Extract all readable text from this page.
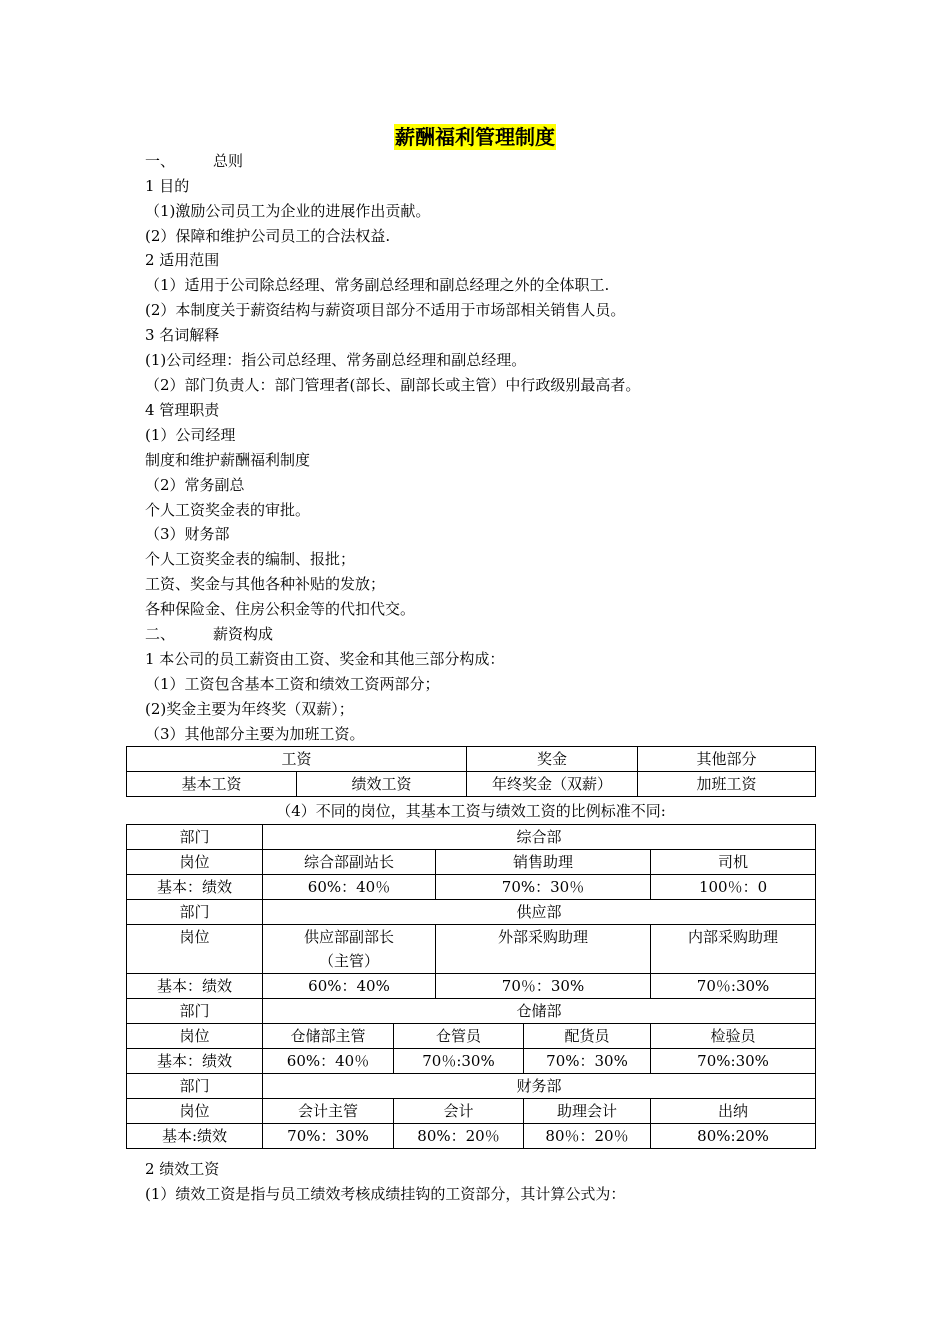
薪酬福利管理制度
一、	总则
1 目的
（1)激励公司员工为企业的进展作出贡献。
(2）保障和维护公司员工的合法权益.
2 适用范围
（1）适用于公司除总经理、常务副总经理和副总经理之外的全体职工.
(2）本制度关于薪资结构与薪资项目部分不适用于市场部相关销售人员。
3 名词解释
(1)公司经理：指公司总经理、常务副总经理和副总经理。
（2）部门负责人：部门管理者(部长、副部长或主管）中行政级别最高者。
4 管理职责
(1）公司经理
制度和维护薪酬福利制度
（2）常务副总
个人工资奖金表的审批。
（3）财务部
个人工资奖金表的编制、报批；
工资、奖金与其他各种补贴的发放；
各种保险金、住房公积金等的代扣代交。
二、	薪资构成
1 本公司的员工薪资由工资、奖金和其他三部分构成：
（1）工资包含基本工资和绩效工资两部分；
(2)奖金主要为年终奖（双薪）；
（3）其他部分主要为加班工资。
工资		奖金	其他部分
基本工资	绩效工资	年终奖金（双薪）	加班工资
（4）不同的岗位，其基本工资与绩效工资的比例标准不同:
部门	综合部				
岗位	综合部副站长		销售助理		司机
基本：绩效	60%：40％		70%：30％		100％：0
部门	供应部				
岗位	供应部副部长
（主管）		外部采购助理		内部采购助理
基本：绩效	60%：40%		70％：30%		70％:30%
部门	仓储部				
岗位	仓储部主管	仓管员		配货员	检验员
基本：绩效	60%：40％	70％:30%		70%：30%	70%:30%
部门	财务部				
岗位	会计主管	会计		助理会计	出纳
基本:绩效	70%：30%	80%：20％		80％：20％	80%:20%
2 绩效工资
(1）绩效工资是指与员工绩效考核成绩挂钩的工资部分，其计算公式为：
